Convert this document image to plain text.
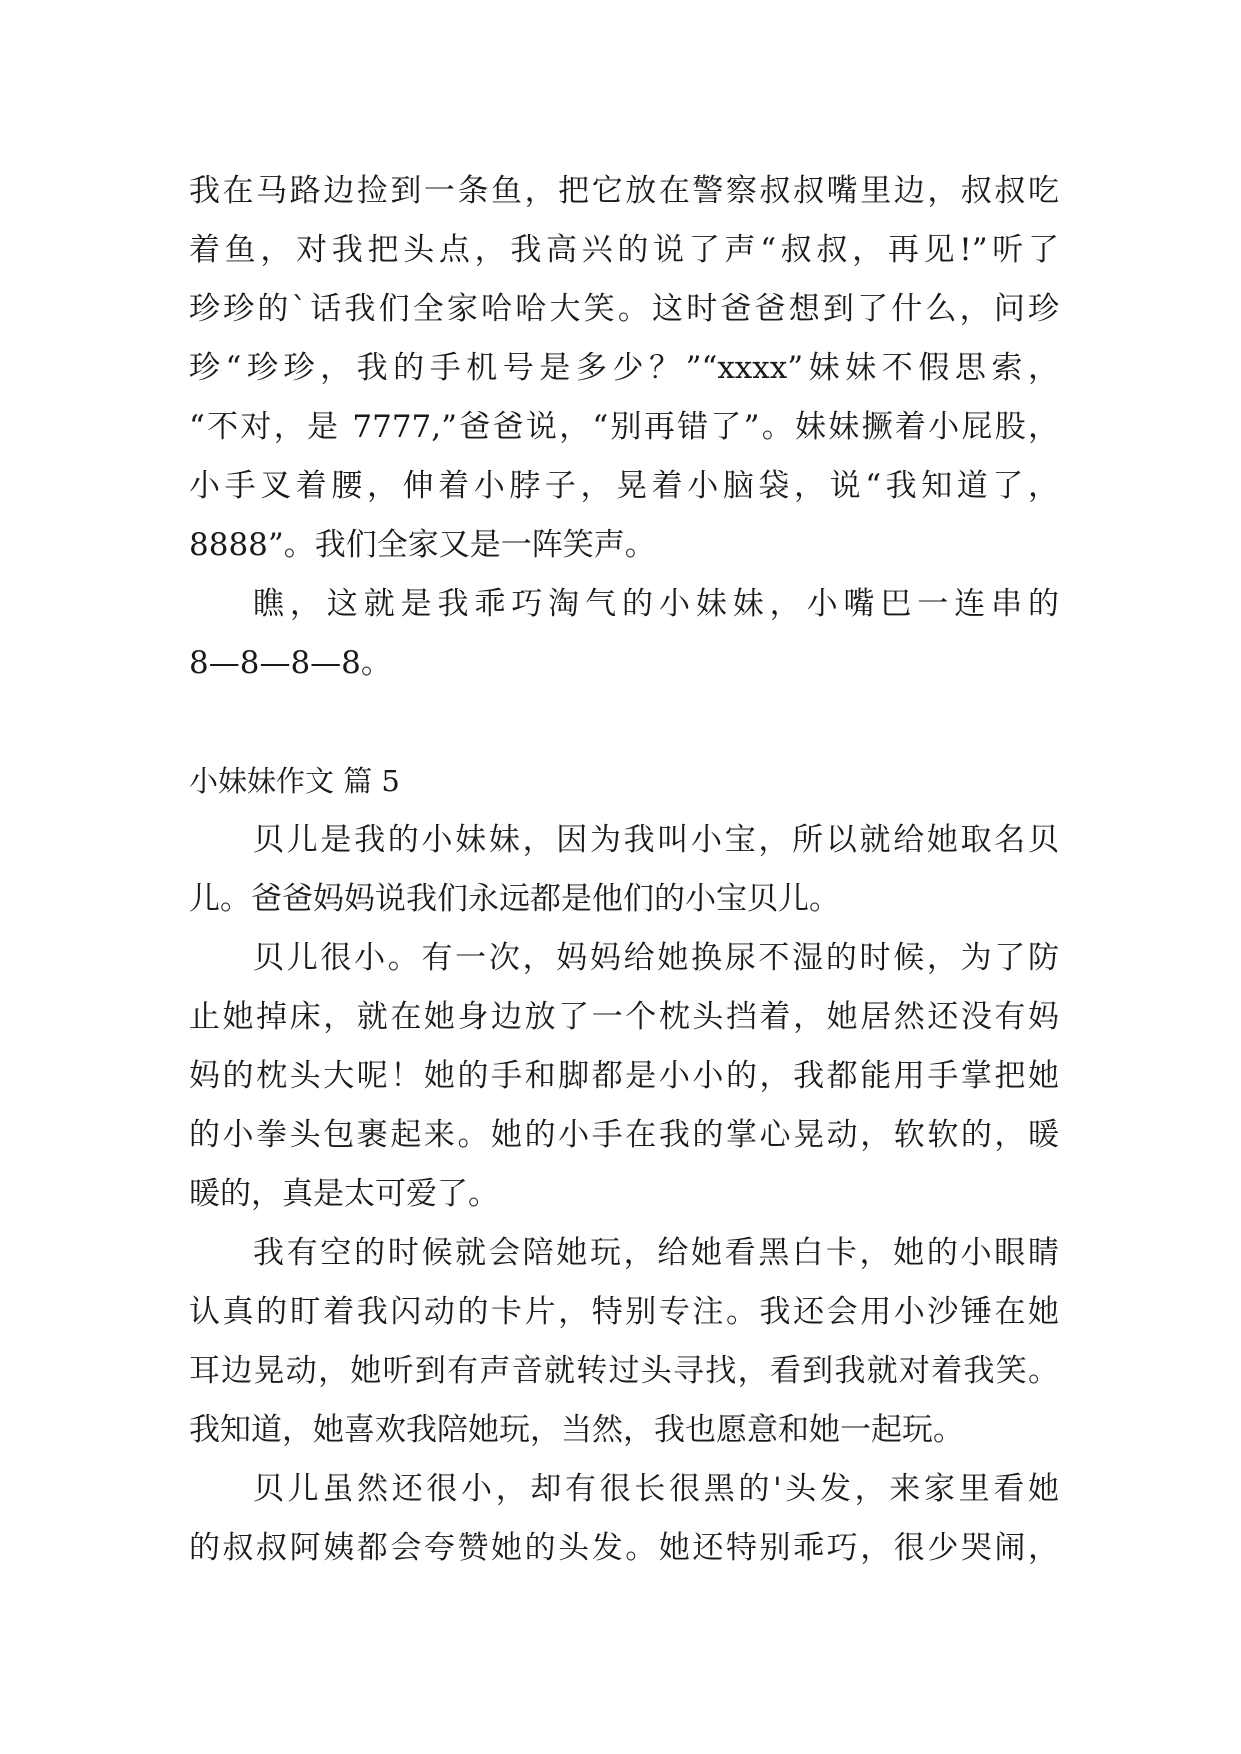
我在马路边捡到一条鱼，把它放在警察叔叔嘴里边，叔叔吃
着鱼，对我把头点，我高兴的说了声“叔叔，再见!”听了
珍珍的`话我们全家哈哈大笑。这时爸爸想到了什么，问珍
珍“珍珍，我的手机号是多少？”“xxxx”妹妹不假思索，
“不对，是 7777,”爸爸说，“别再错了”。妹妹撅着小屁股，
小手叉着腰，伸着小脖子，晃着小脑袋，说“我知道了，
8888”。我们全家又是一阵笑声。
瞧，这就是我乖巧淘气的小妹妹，小嘴巴一连串的
8—8—8—8。
小妹妹作文 篇 5
贝儿是我的小妹妹，因为我叫小宝，所以就给她取名贝
儿。爸爸妈妈说我们永远都是他们的小宝贝儿。
贝儿很小。有一次，妈妈给她换尿不湿的时候，为了防
止她掉床，就在她身边放了一个枕头挡着，她居然还没有妈
妈的枕头大呢！她的手和脚都是小小的，我都能用手掌把她
的小拳头包裹起来。她的小手在我的掌心晃动，软软的，暖
暖的，真是太可爱了。
我有空的时候就会陪她玩，给她看黑白卡，她的小眼睛
认真的盯着我闪动的卡片，特别专注。我还会用小沙锤在她
耳边晃动，她听到有声音就转过头寻找，看到我就对着我笑。
我知道，她喜欢我陪她玩，当然，我也愿意和她一起玩。
贝儿虽然还很小，却有很长很黑的'头发，来家里看她
的叔叔阿姨都会夸赞她的头发。她还特别乖巧，很少哭闹，
